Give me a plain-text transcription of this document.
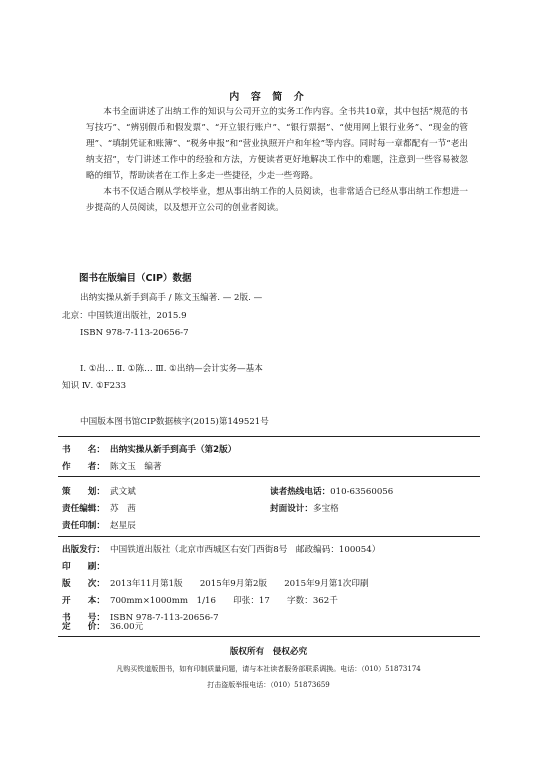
内 容 简 介

本书全面讲述了出纳工作的知识与公司开立的实务工作内容。全书共10章，其中包括“规范的书写技巧”、“辨别假币和假发票”、“开立银行账户”、“银行票据”、“使用网上银行业务”、“现金的管理”、“填制凭证和账簿”、“税务申报”和“营业执照开户和年检”等内容。同时每一章都配有一节“老出纳支招”，专门讲述工作中的经验和方法，方便读者更好地解决工作中的难题，注意到一些容易被忽略的细节，帮助读者在工作上多走一些捷径，少走一些弯路。

本书不仅适合刚从学校毕业，想从事出纳工作的人员阅读，也非常适合已经从事出纳工作想进一步提高的人员阅读，以及想开立公司的创业者阅读。

图书在版编目（CIP）数据
出纳实操从新手到高手 / 陈文玉编著. — 2版. —
北京：中国铁道出版社，2015.9
ISBN 978-7-113-20656-7
Ⅰ. ①出… Ⅱ. ①陈… Ⅲ. ①出纳—会计实务—基本
知识 Ⅳ. ①F233
中国版本图书馆CIP数据核字(2015)第149521号
书　　名： 出纳实操从新手到高手（第2版）
作　　者： 陈文玉　编著
策　　划： 武文斌	读者热线电话：010-63560056
责任编辑： 苏　茜	封面设计：多宝格
责任印制： 赵星辰
出版发行： 中国铁道出版社（北京市西城区右安门西街8号　邮政编码：100054）
印　　刷：
版　　次： 2013年11月第1版　　2015年9月第2版　　2015年9月第1次印刷
开　　本： 700mm×1000mm　1/16　　印张：17　　字数：362千
书　　号： ISBN 978-7-113-20656-7
定　　价： 36.00元
版权所有　侵权必究
凡购买铁道版图书，如有印制质量问题，请与本社读者服务部联系调换。电话：（010）51873174
打击盗版举报电话：（010）51873659
